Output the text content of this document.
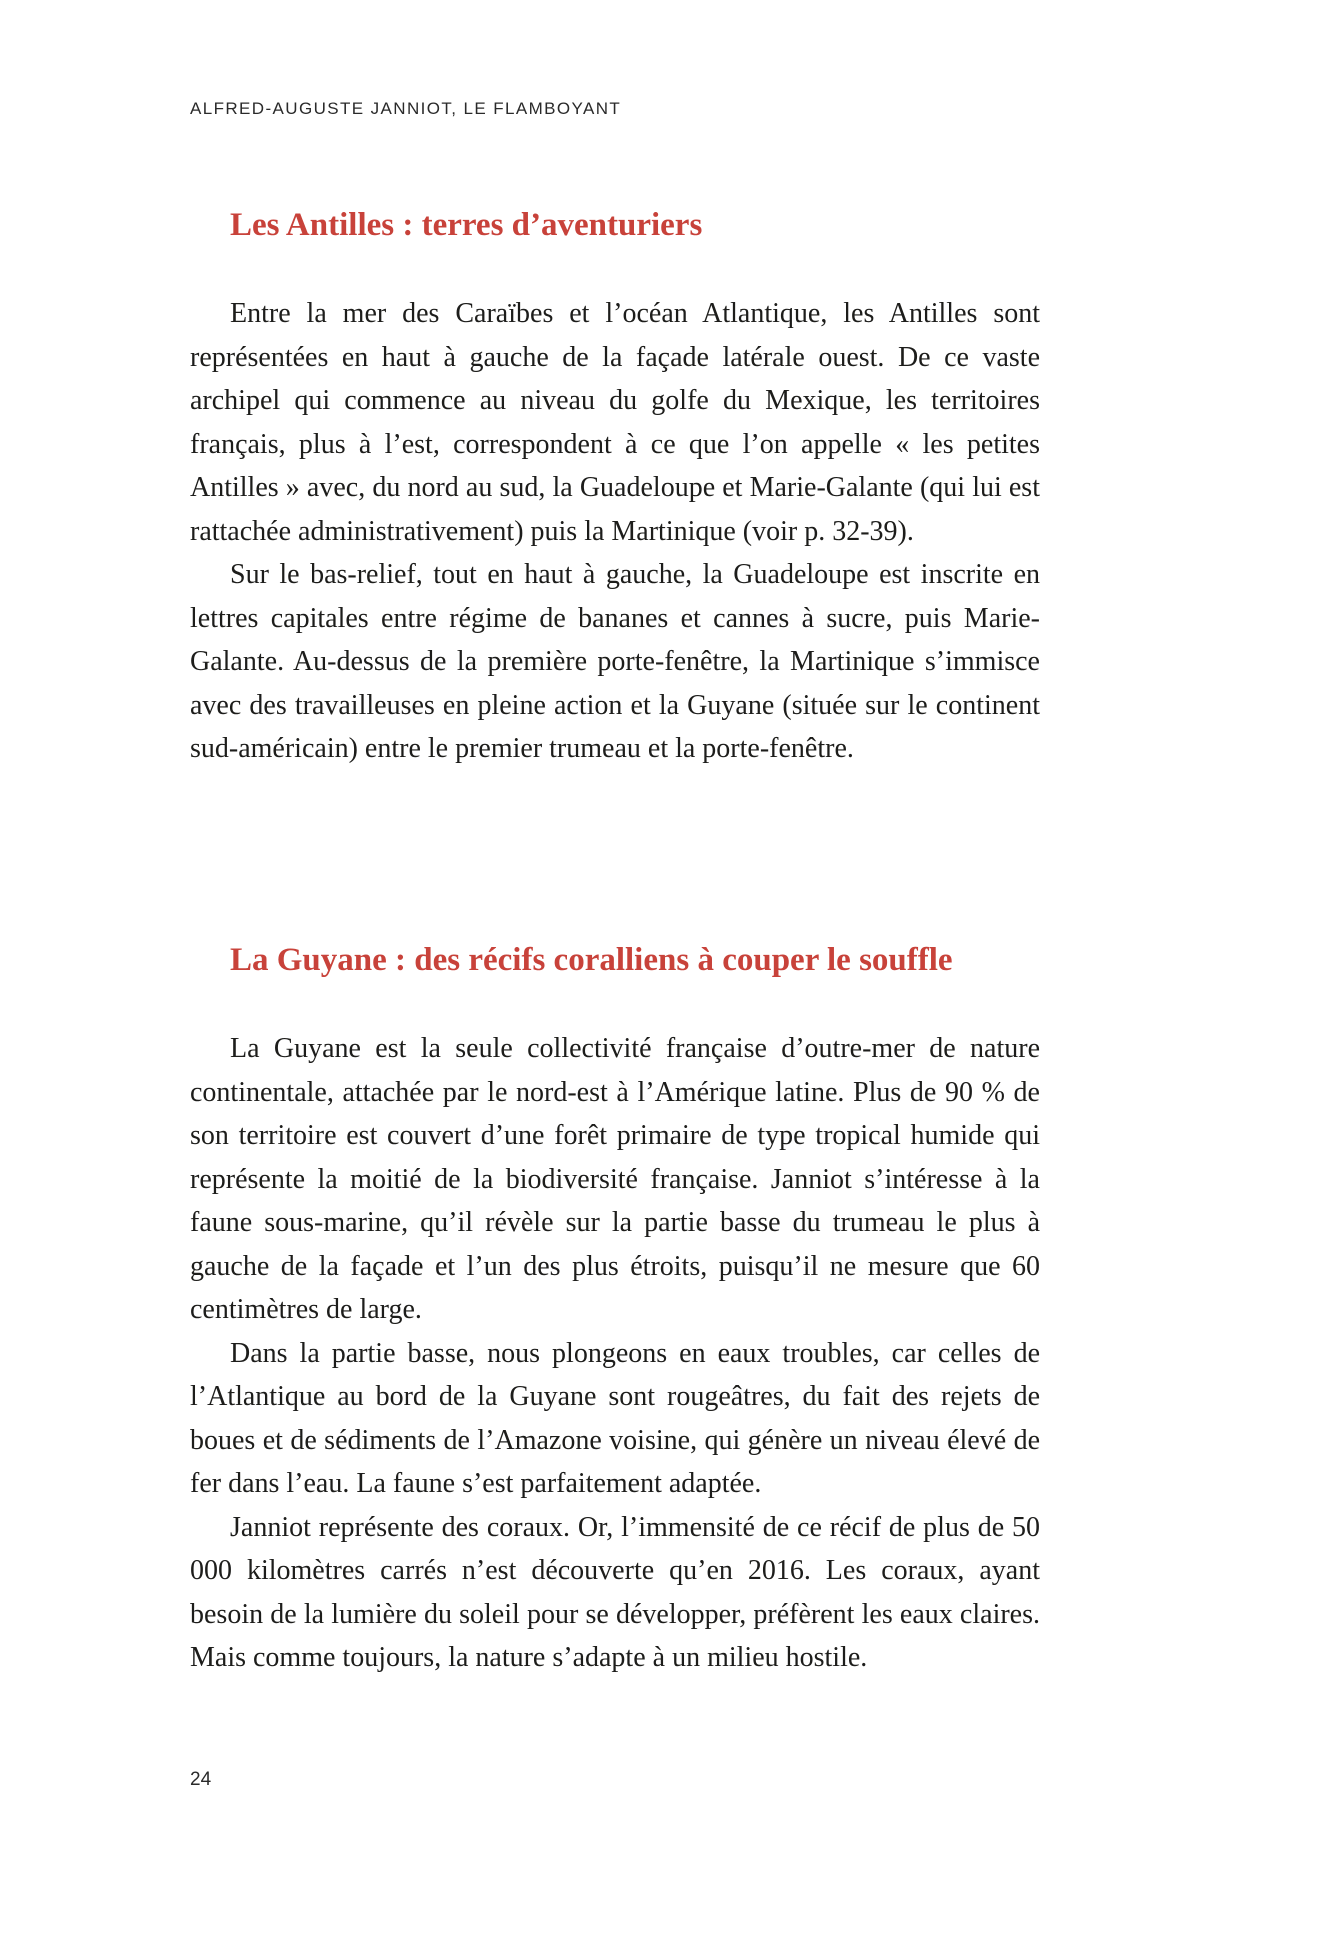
ALFRED-AUGUSTE JANNIOT, LE FLAMBOYANT
Les Antilles : terres d’aventuriers

Entre la mer des Caraïbes et l’océan Atlantique, les Antilles sont représentées en haut à gauche de la façade latérale ouest. De ce vaste archipel qui commence au niveau du golfe du Mexique, les territoires français, plus à l’est, correspondent à ce que l’on appelle « les petites Antilles » avec, du nord au sud, la Guadeloupe et Marie-Galante (qui lui est rattachée administrativement) puis la Martinique (voir p. 32-39).

Sur le bas-relief, tout en haut à gauche, la Guadeloupe est inscrite en lettres capitales entre régime de bananes et cannes à sucre, puis Marie-Galante. Au-dessus de la première porte-fenêtre, la Martinique s’immisce avec des travailleuses en pleine action et la Guyane (située sur le continent sud-américain) entre le premier trumeau et la porte-fenêtre.

La Guyane : des récifs coralliens à couper le souffle

La Guyane est la seule collectivité française d’outre-mer de nature continentale, attachée par le nord-est à l’Amérique latine. Plus de 90 % de son territoire est couvert d’une forêt primaire de type tropical humide qui représente la moitié de la biodiversité française. Janniot s’intéresse à la faune sous-marine, qu’il révèle sur la partie basse du trumeau le plus à gauche de la façade et l’un des plus étroits, puisqu’il ne mesure que 60 centimètres de large.

Dans la partie basse, nous plongeons en eaux troubles, car celles de l’Atlantique au bord de la Guyane sont rougeâtres, du fait des rejets de boues et de sédiments de l’Amazone voisine, qui génère un niveau élevé de fer dans l’eau. La faune s’est parfaitement adaptée.

Janniot représente des coraux. Or, l’immensité de ce récif de plus de 50 000 kilomètres carrés n’est découverte qu’en 2016. Les coraux, ayant besoin de la lumière du soleil pour se développer, préfèrent les eaux claires. Mais comme toujours, la nature s’adapte à un milieu hostile.

24
